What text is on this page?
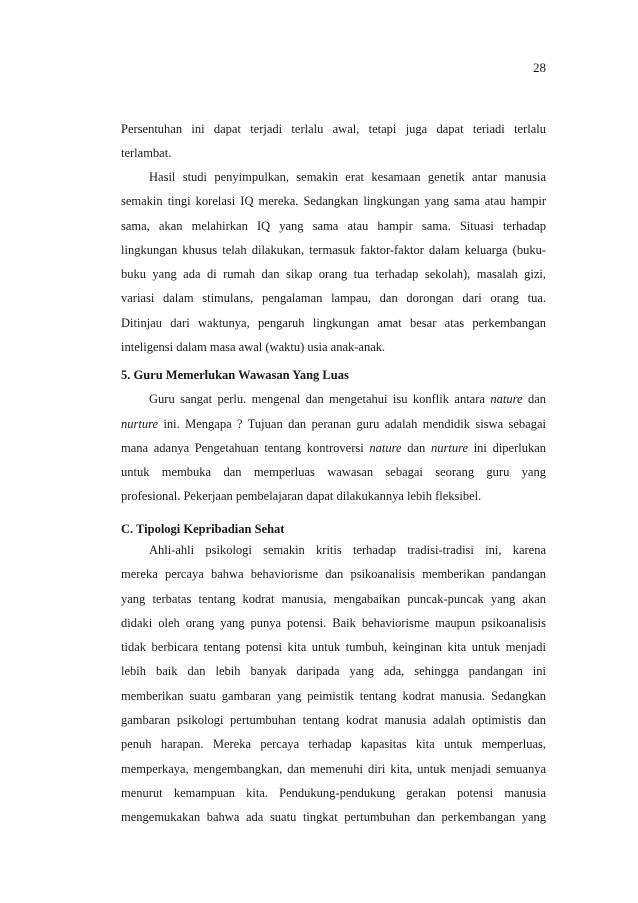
28
Persentuhan ini dapat terjadi terlalu awal, tetapi juga dapat teriadi terlalu
terlambat.
Hasil studi penyimpulkan, semakin erat kesamaan genetik antar manusia
semakin tingi korelasi IQ mereka. Sedangkan lingkungan yang sama atau hampir
sama, akan melahirkan IQ yang sama atau hampir sama. Situasi terhadap
lingkungan khusus telah dilakukan, termasuk faktor-faktor dalam keluarga (buku-
buku yang ada di rumah dan sikap orang tua terhadap sekolah), masalah gizi,
variasi dalam stimulans, pengalaman lampau, dan dorongan dari orang tua.
Ditinjau dari waktunya, pengaruh lingkungan amat besar atas perkembangan
inteligensi dalam masa awal (waktu) usia anak-anak.
5. Guru Memerlukan Wawasan Yang Luas
Guru sangat perlu. mengenal dan mengetahui isu konflik antara nature dan
nurture ini. Mengapa ? Tujuan dan peranan guru adalah mendidik siswa sebagai
mana adanya Pengetahuan tentang kontroversi nature dan nurture ini diperlukan
untuk membuka dan memperluas wawasan sebagai seorang guru yang
profesional. Pekerjaan pembelajaran dapat dilakukannya lebih fleksibel.
C. Tipologi Kepribadian Sehat
Ahli-ahli psikologi semakin kritis terhadap tradisi-tradisi ini, karena
mereka percaya bahwa behaviorisme dan psikoanalisis memberikan pandangan
yang terbatas tentang kodrat manusia, mengabaikan puncak-puncak yang akan
didaki oleh orang yang punya potensi. Baik behaviorisme maupun psikoanalisis
tidak berbicara tentang potensi kita untuk tumbuh, keinginan kita untuk menjadi
lebih baik dan lebih banyak daripada yang ada, sehingga pandangan ini
memberikan suatu gambaran yang peimistik tentang kodrat manusia. Sedangkan
gambaran psikologi pertumbuhan tentang kodrat manusia adalah optimistis dan
penuh harapan. Mereka percaya terhadap kapasitas kita untuk memperluas,
memperkaya, mengembangkan, dan memenuhi diri kita, untuk menjadi semuanya
menurut kemampuan kita. Pendukung-pendukung gerakan potensi manusia
mengemukakan bahwa ada suatu tingkat pertumbuhan dan perkembangan yang
